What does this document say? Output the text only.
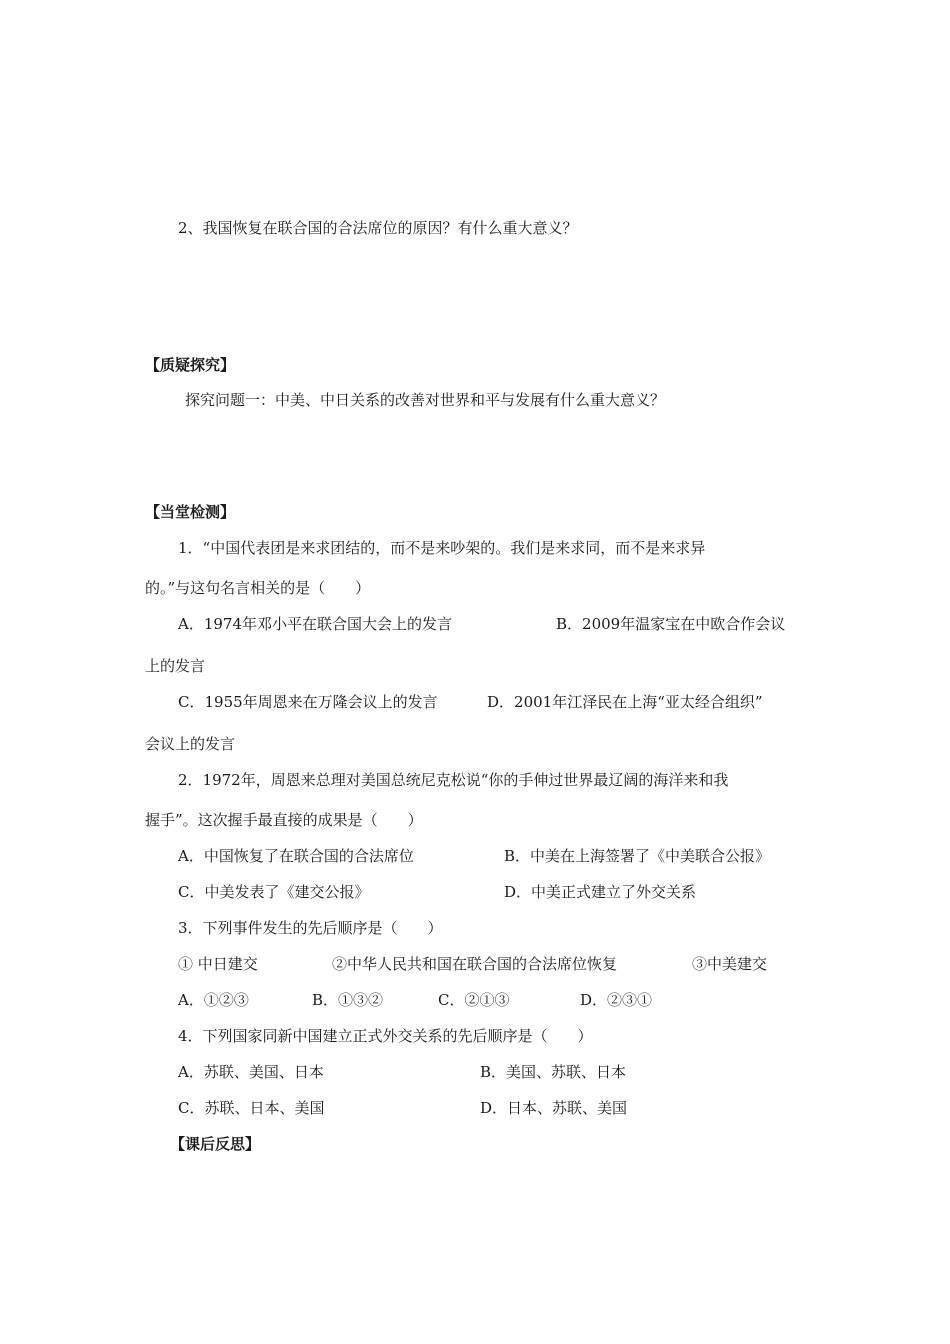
2、我国恢复在联合国的合法席位的原因？有什么重大意义？
【质疑探究】
探究问题一：中美、中日关系的改善对世界和平与发展有什么重大意义？
【当堂检测】
1．“中国代表团是来求团结的，而不是来吵架的。我们是来求同，而不是来求异
的。”与这句名言相关的是（　　）
A．1974年邓小平在联合国大会上的发言	B．2009年温家宝在中欧合作会议
上的发言
C．1955年周恩来在万隆会议上的发言	D．2001年江泽民在上海“亚太经合组织”
会议上的发言
2．1972年，周恩来总理对美国总统尼克松说“你的手伸过世界最辽阔的海洋来和我
握手”。这次握手最直接的成果是（　　）
A．中国恢复了在联合国的合法席位	B．中美在上海签署了《中美联合公报》
C．中美发表了《建交公报》	D．中美正式建立了外交关系
3．下列事件发生的先后顺序是（　　）
① 中日建交	②中华人民共和国在联合国的合法席位恢复	③中美建交
A．①②③	B．①③②	C．②①③	D．②③①
4．下列国家同新中国建立正式外交关系的先后顺序是（　　）
A．苏联、美国、日本	B．美国、苏联、日本
C．苏联、日本、美国	D．日本、苏联、美国
【课后反思】
